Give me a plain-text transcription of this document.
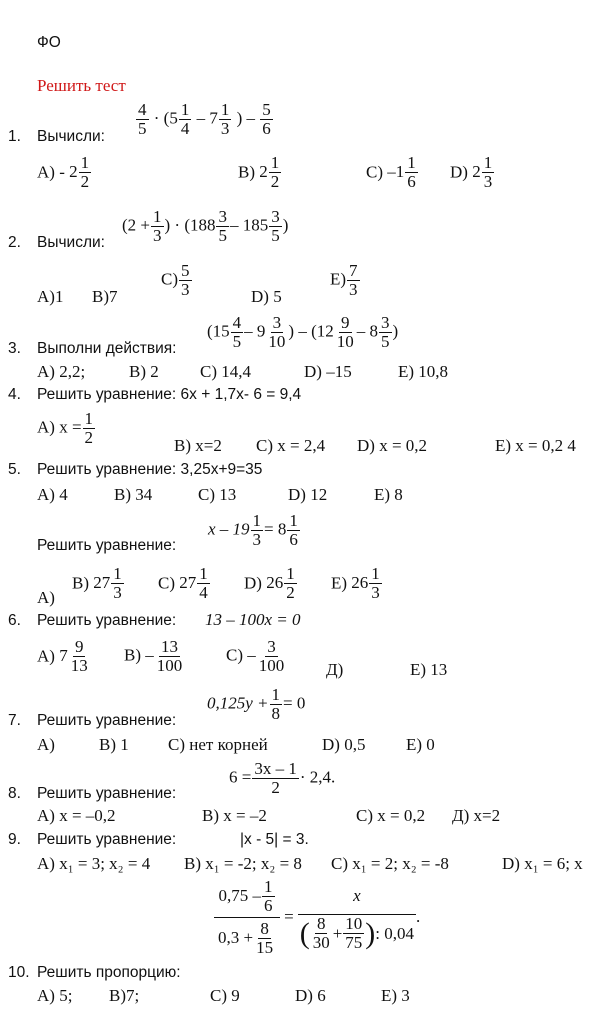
ФО
Решить тест
1. Вычисли: $\frac{4}{5} \cdot (5 \frac{1}{4} - 7 \frac{1}{3}$ ) – $\frac{5}{6}$
$A) - 2 \frac{1}{2}$	B) $2 \frac{1}{2}$	C) $-1 \frac{1}{6} D$) $2 \frac{1}{3}$
2. Вычисли:
($2 + \frac{1}{3}$ ) · ($188 \frac{3}{5} - 185 \frac{3}{5}$ )
A)1 B)7
$C) \frac{5}{3}$	D) 5
$E) \frac{7}{3}$
3. Выполни действия:
($15 \frac{4}{5} - 9 \frac{3}{10}$ ) – ($12 \frac{9}{10} - 8 \frac{3}{5}$ )
A) 2,2;	B) 2 C) 14,4	D) –15	E) 10,8
4. Решить уравнение: 6х + 1,7х- 6 = 9,4
A) $x = \frac{1}{2}$	B) x=2 C) x = 2,4 D) x = 0,2	E) x = 0,2 4
5. Решить уравнение: 3,25х+9=35
A) 4	B) 34	C) 13	D) 12	E) 8
Решить уравнение:
$x - 19 \frac{1}{3} = 8 \frac{1}{6}$
A)
B) $27 \frac{1}{3} C$) $27 \frac{1}{4} D$) $26 \frac{1}{2} E$) $26 \frac{1}{3}$
6. Решить уравнение: 13 – 100x = 0
A) $7 \frac{9}{13} B) - \frac{13}{100} C) - \frac{3}{100} Д$)	E) 13
7. Решить уравнение:
$0,125y + \frac{1}{8} = 0$
A)	B) 1 C) нет корней	D) 0,5 E) 0
8. Решить уравнение:
$6 = \frac{3x - 1}{2} \cdot 2,4$.
A) x = –0,2	B) x = –2	C) x = 0,2 Д) x=2
9. Решить уравнение:	|x - 5| = 3.
A) x₁ = 3; x₂ = 4 B) x₁ = -2; x₂ = 8 C) x₁ = 2; x₂ = -8	D) x₁ = 6; x
$0,75 - \frac{1}{6}$
$0,3 + \frac{8}{15}$
=
x
( $\frac{8}{30} + \frac{10}{75}$ ) : 0,04
.
10. Решить пропорцию:
A) 5; B)7;	C) 9	D) 6	E) 3
